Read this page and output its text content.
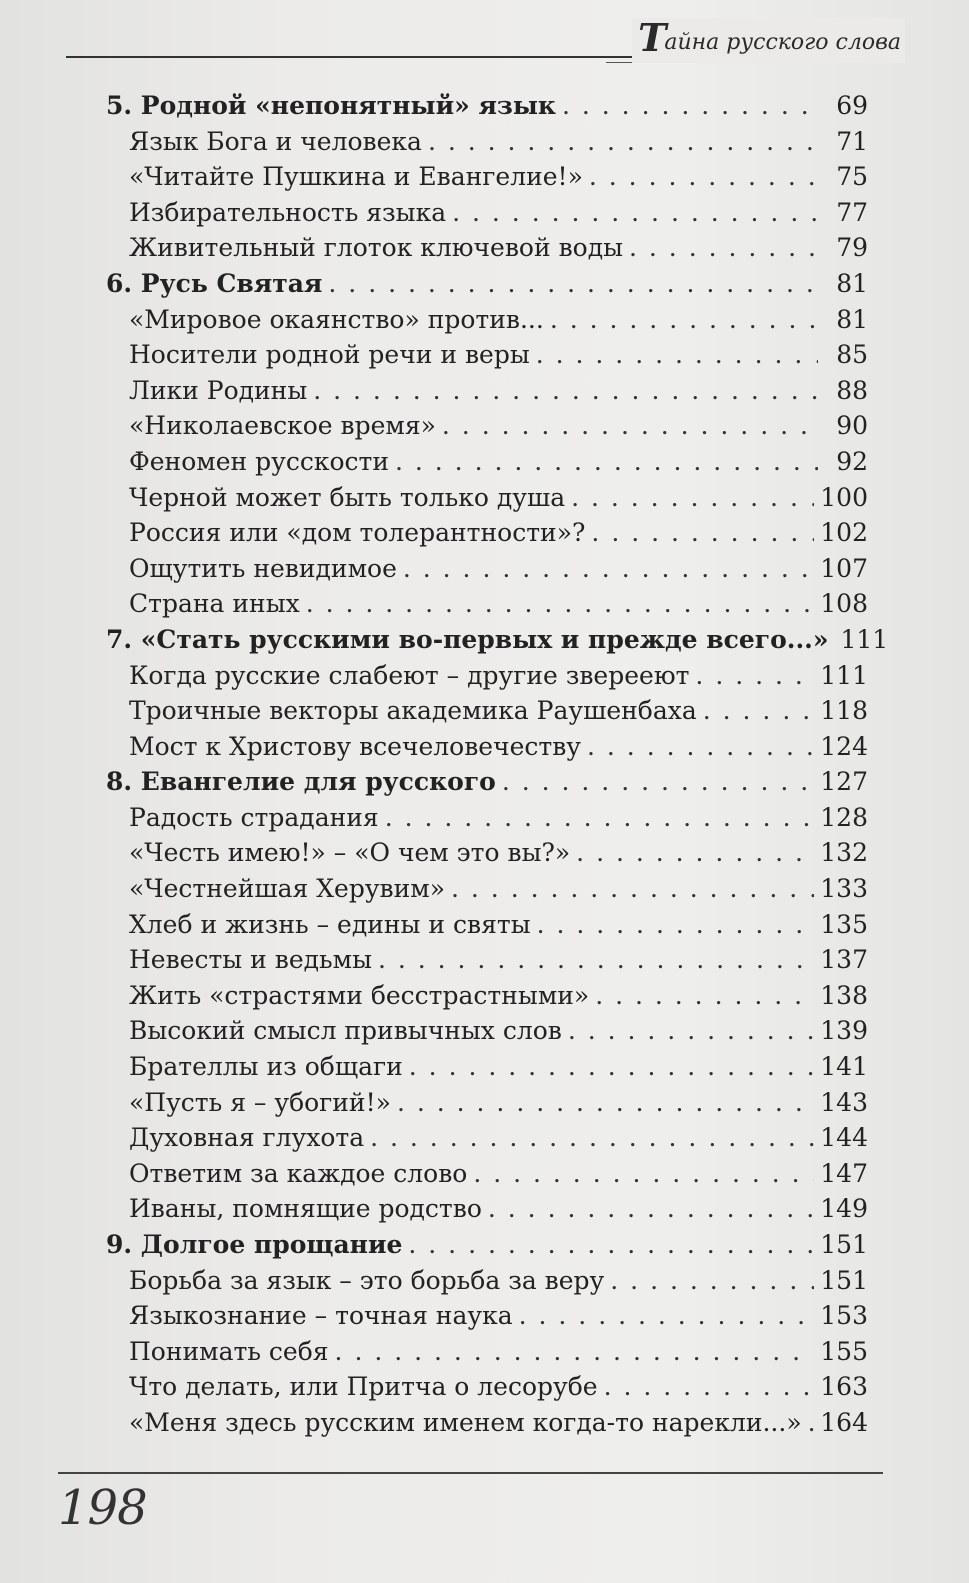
Тайна русского слова
5. Родной «непонятный» язык . . .	69
Язык Бога и человека . . .	71
«Читайте Пушкина и Евангелие!» . . .	75
Избирательность языка . . .	77
Живительный глоток ключевой воды . . .	79
6. Русь Святая . . .	81
«Мировое окаянство» против... . . .	81
Носители родной речи и веры . . .	85
Лики Родины . . .	88
«Николаевское время» . . .	90
Феномен русскости . . .	92
Черной может быть только душа . . .	100
Россия или «дом толерантности»? . . .	102
Ощутить невидимое . . .	107
Страна иных . . .	108
7. «Стать русскими во-первых и прежде всего...» 111
Когда русские слабеют – другие зверееют . . .	111
Троичные векторы академика Раушенбаха . . .	118
Мост к Христову всечеловечеству . . .	124
8. Евангелие для русского . . .	127
Радость страдания . . .	128
«Честь имею!» – «О чем это вы?» . . .	132
«Честнейшая Херувим» . . .	133
Хлеб и жизнь – едины и святы . . .	135
Невесты и ведьмы . . .	137
Жить «страстями бесстрастными» . . .	138
Высокий смысл привычных слов . . .	139
Брателлы из общаги . . .	141
«Пусть я – убогий!» . . .	143
Духовная глухота . . .	144
Ответим за каждое слово . . .	147
Иваны, помнящие родство . . .	149
9. Долгое прощание . . .	151
Борьба за язык – это борьба за веру . . .	151
Языкознание – точная наука . . .	153
Понимать себя . . .	155
Что делать, или Притча о лесорубе . . .	163
«Меня здесь русским именем когда-то нарекли...» . . . 164
198
